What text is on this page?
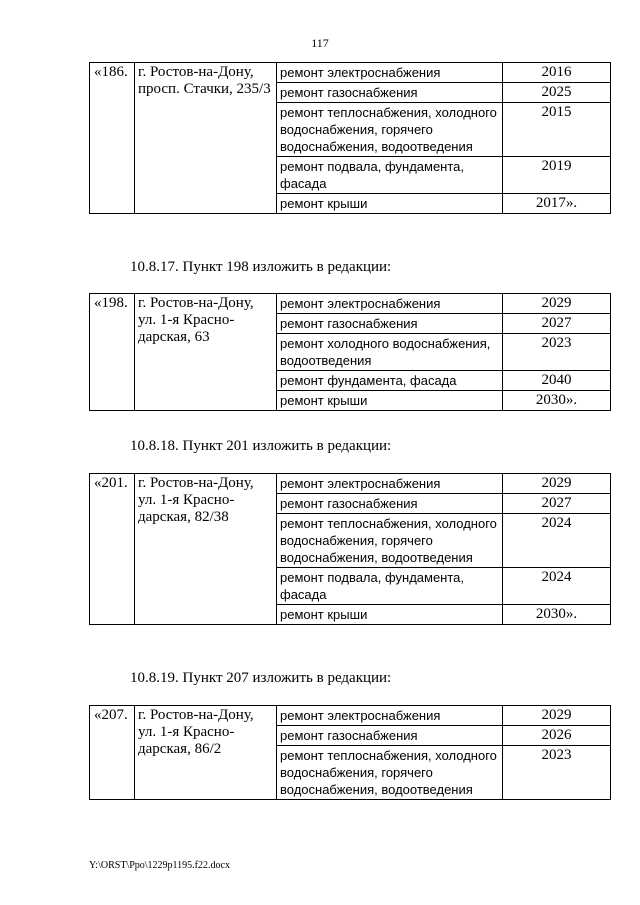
117
«186.	г. Ростов-на-Дону, просп. Стачки, 235/3	ремонт электроснабжения	2016
		ремонт газоснабжения	2025
		ремонт теплоснабжения, холодного водоснабжения, горячего водоснабжения, водоотведения	2015
		ремонт подвала, фундамента, фасада	2019
		ремонт крыши	2017».
10.8.17. Пункт 198 изложить в редакции:
«198.	г. Ростов-на-Дону, ул. 1-я Красно-дарская, 63	ремонт электроснабжения	2029
		ремонт газоснабжения	2027
		ремонт холодного водоснабжения, водоотведения	2023
		ремонт фундамента, фасада	2040
		ремонт крыши	2030».
10.8.18. Пункт 201 изложить в редакции:
«201.	г. Ростов-на-Дону, ул. 1-я Красно-дарская, 82/38	ремонт электроснабжения	2029
		ремонт газоснабжения	2027
		ремонт теплоснабжения, холодного водоснабжения, горячего водоснабжения, водоотведения	2024
		ремонт подвала, фундамента, фасада	2024
		ремонт крыши	2030».
10.8.19. Пункт 207 изложить в редакции:
«207.	г. Ростов-на-Дону, ул. 1-я Красно-дарская, 86/2	ремонт электроснабжения	2029
		ремонт газоснабжения	2026
		ремонт теплоснабжения, холодного водоснабжения, горячего водоснабжения, водоотведения	2023
Y:\ORST\Ppo\1229p1195.f22.docx
